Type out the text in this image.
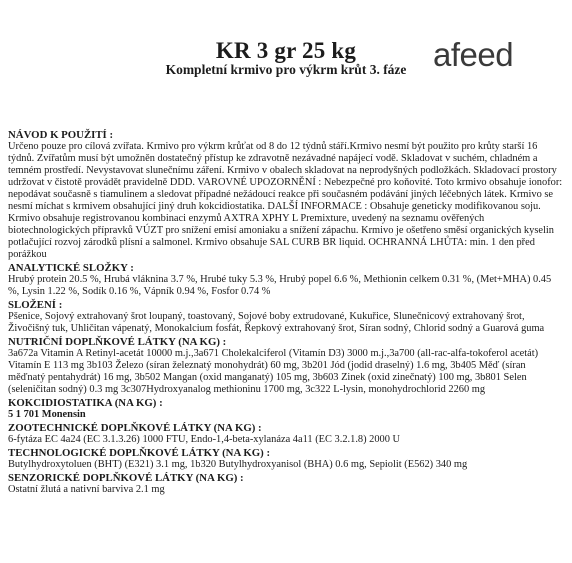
KR 3 gr 25 kg
Kompletní krmivo pro výkrm krůt 3. fáze afeed
NÁVOD K POUŽITÍ :

Určeno pouze pro cílová zvířata. Krmivo pro výkrm krůťat od 8 do 12 týdnů stáří.Krmivo nesmí být použito pro krůty starší 16 týdnů. Zvířatům musí být umožněn dostatečný přístup ke zdravotně nezávadné napájecí vodě. Skladovat v suchém, chladném a temném prostředí. Nevystavovat slunečnímu záření. Krmivo v obalech skladovat na neprodyšných podložkách. Skladovací prostory udržovat v čistotě provádět pravidelně DDD. VAROVNÉ UPOZORNĚNÍ : Nebezpečné pro koňovité. Toto krmivo obsahuje ionofor: nepodávat současně s tiamulinem a sledovat případné nežádoucí reakce při současném podávání jiných léčebných látek. Krmivo se nesmí míchat s krmivem obsahující jiný druh kokcidiostatika. DALŠÍ INFORMACE : Obsahuje geneticky modifikovanou soju. Krmivo obsahuje registrovanou kombinaci enzymů AXTRA XPHY L Premixture, uvedený na seznamu ověřených biotechnologických přípravků VÚZT pro snížení emisí amoniaku a snížení zápachu. Krmivo je ošetřeno směsí organických kyselin potlačující rozvoj zárodků plísní a salmonel. Krmivo obsahuje SAL CURB BR liquid. OCHRANNÁ LHŮTA: min. 1 den před porážkou

ANALYTICKÉ SLOŽKY :

Hrubý protein 20.5 %, Hrubá vláknina 3.7 %, Hrubé tuky 5.3 %, Hrubý popel 6.6 %, Methionin celkem 0.31 %, (Met+MHA) 0.45 %, Lysin 1.22 %, Sodík 0.16 %, Vápník 0.94 %, Fosfor 0.74 %

SLOŽENÍ :

Pšenice, Sojový extrahovaný šrot loupaný, toastovaný, Sojové boby extrudované, Kukuřice, Slunečnicový extrahovaný šrot, Živočišný tuk, Uhličitan vápenatý, Monokalcium fosfát, Řepkový extrahovaný šrot, Síran sodný, Chlorid sodný a Guarová guma

NUTRIČNÍ DOPLŇKOVÉ LÁTKY (NA KG) :

3a672a Vitamin A Retinyl-acetát 10000 m.j.,3a671 Cholekalciferol (Vitamín D3) 3000 m.j.,3a700 (all-rac-alfa-tokoferol acetát) Vitamín E 113 mg 3b103 Železo (síran železnatý monohydrát) 60 mg, 3b201 Jód (jodid draselný) 1.6 mg, 3b405 Měď (síran měďnatý pentahydrát) 16 mg, 3b502 Mangan (oxid manganatý) 105 mg, 3b603 Zinek (oxid zinečnatý) 100 mg, 3b801 Selen (seleničitan sodný) 0.3 mg 3c307Hydroxyanalog methioninu 1700 mg, 3c322 L-lysin, monohydrochlorid 2260 mg

KOKCIDIOSTATIKA (NA KG) :

5 1 701 Monensin

ZOOTECHNICKÉ DOPLŇKOVÉ LÁTKY (NA KG) :

6-fytáza EC 4a24 (EC 3.1.3.26) 1000 FTU, Endo-1,4-beta-xylanáza 4a11 (EC 3.2.1.8) 2000 U

TECHNOLOGICKÉ DOPLŇKOVÉ LÁTKY (NA KG) :

Butylhydroxytoluen (BHT) (E321) 3.1 mg, 1b320 Butylhydroxyanisol (BHA) 0.6 mg, Sepiolit (E562) 340 mg

SENZORICKÉ DOPLŇKOVÉ LÁTKY (NA KG) :

Ostatní žlutá a nativní barviva 2.1 mg
